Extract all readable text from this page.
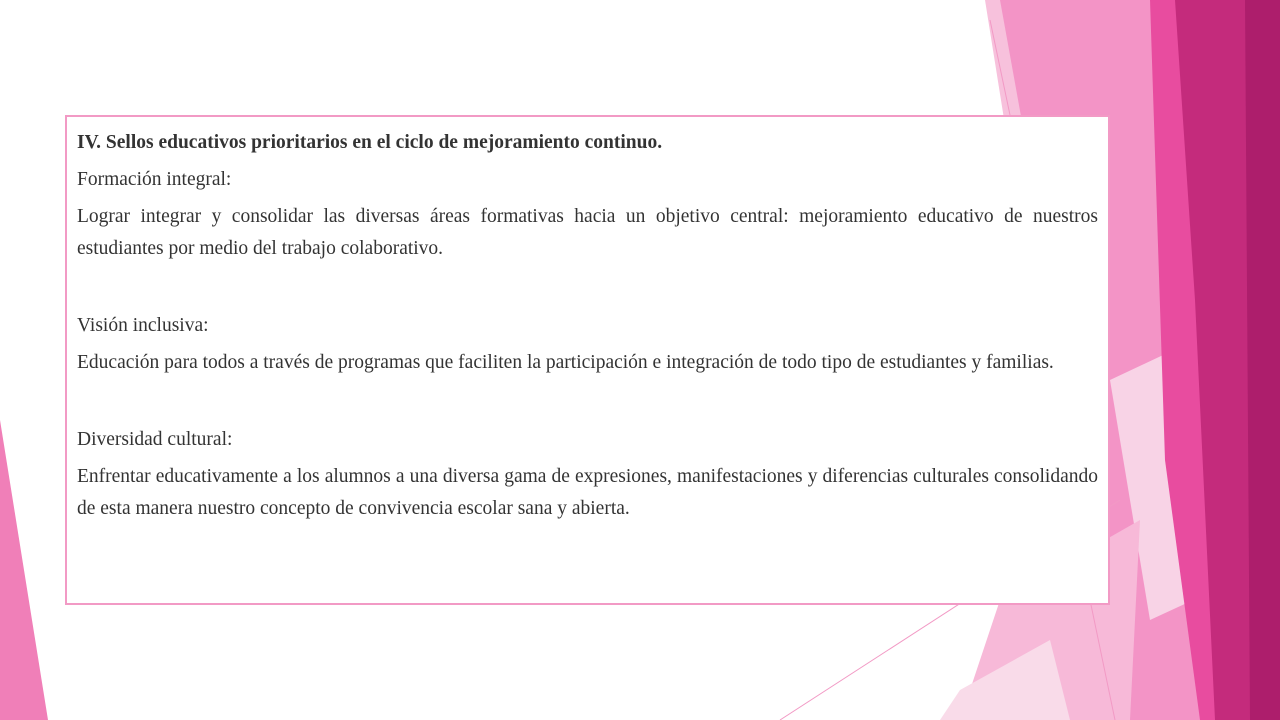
IV. Sellos educativos prioritarios en el ciclo de mejoramiento continuo.

Formación integral:

Lograr integrar y consolidar las diversas áreas formativas hacia un objetivo central: mejoramiento educativo de nuestros estudiantes por medio del trabajo colaborativo.

Visión inclusiva:

Educación para todos a través de programas que faciliten la participación e integración de todo tipo de estudiantes y familias.

Diversidad cultural:

Enfrentar educativamente a los alumnos a una diversa gama de expresiones, manifestaciones y diferencias culturales consolidando de esta manera nuestro concepto de convivencia escolar sana y abierta.
